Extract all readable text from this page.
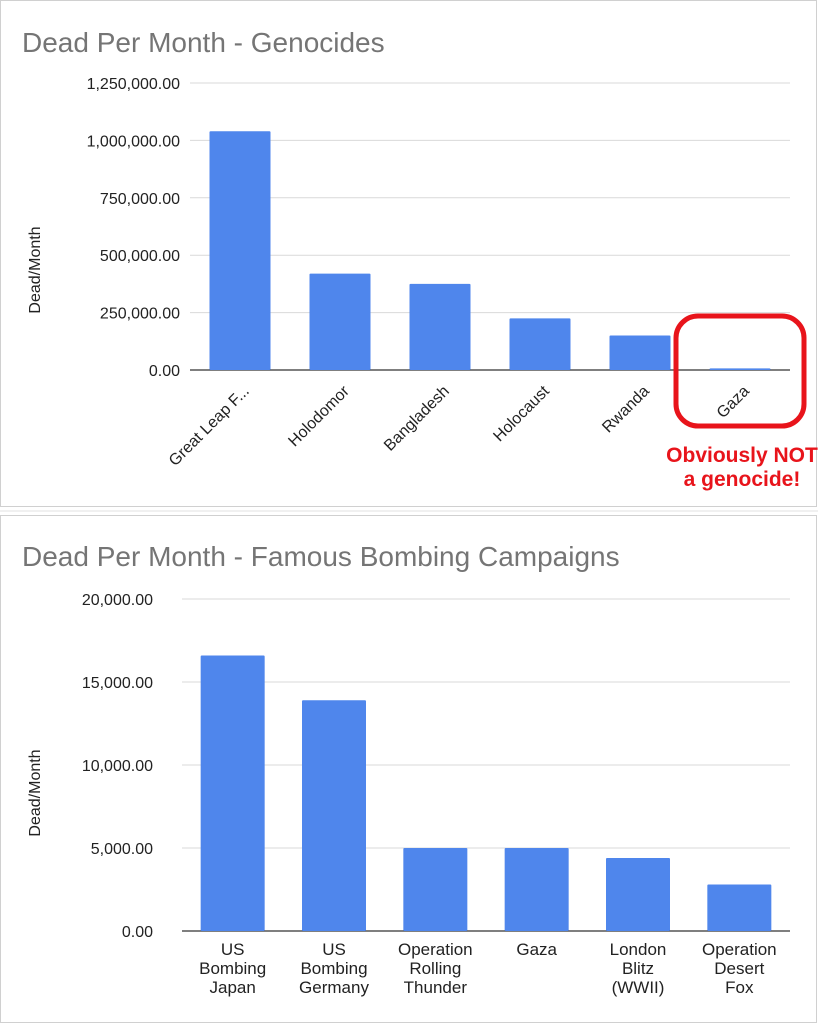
Dead Per Month - Genocides
Dead/Month
0.00
250,000.00
500,000.00
750,000.00
1,000,000.00
1,250,000.00
Great Leap F... Holodomor Bangladesh Holocaust	Rwanda	Gaza
Obviously NOT a genocide!
Dead Per Month - Famous Bombing Campaigns
Dead/Month
0.00
5,000.00
10,000.00
15,000.00
20,000.00
US Bombing Japan
US Bombing Germany
Operation Rolling Thunder
Gaza	London Blitz (WWII)
Operation Desert Fox
